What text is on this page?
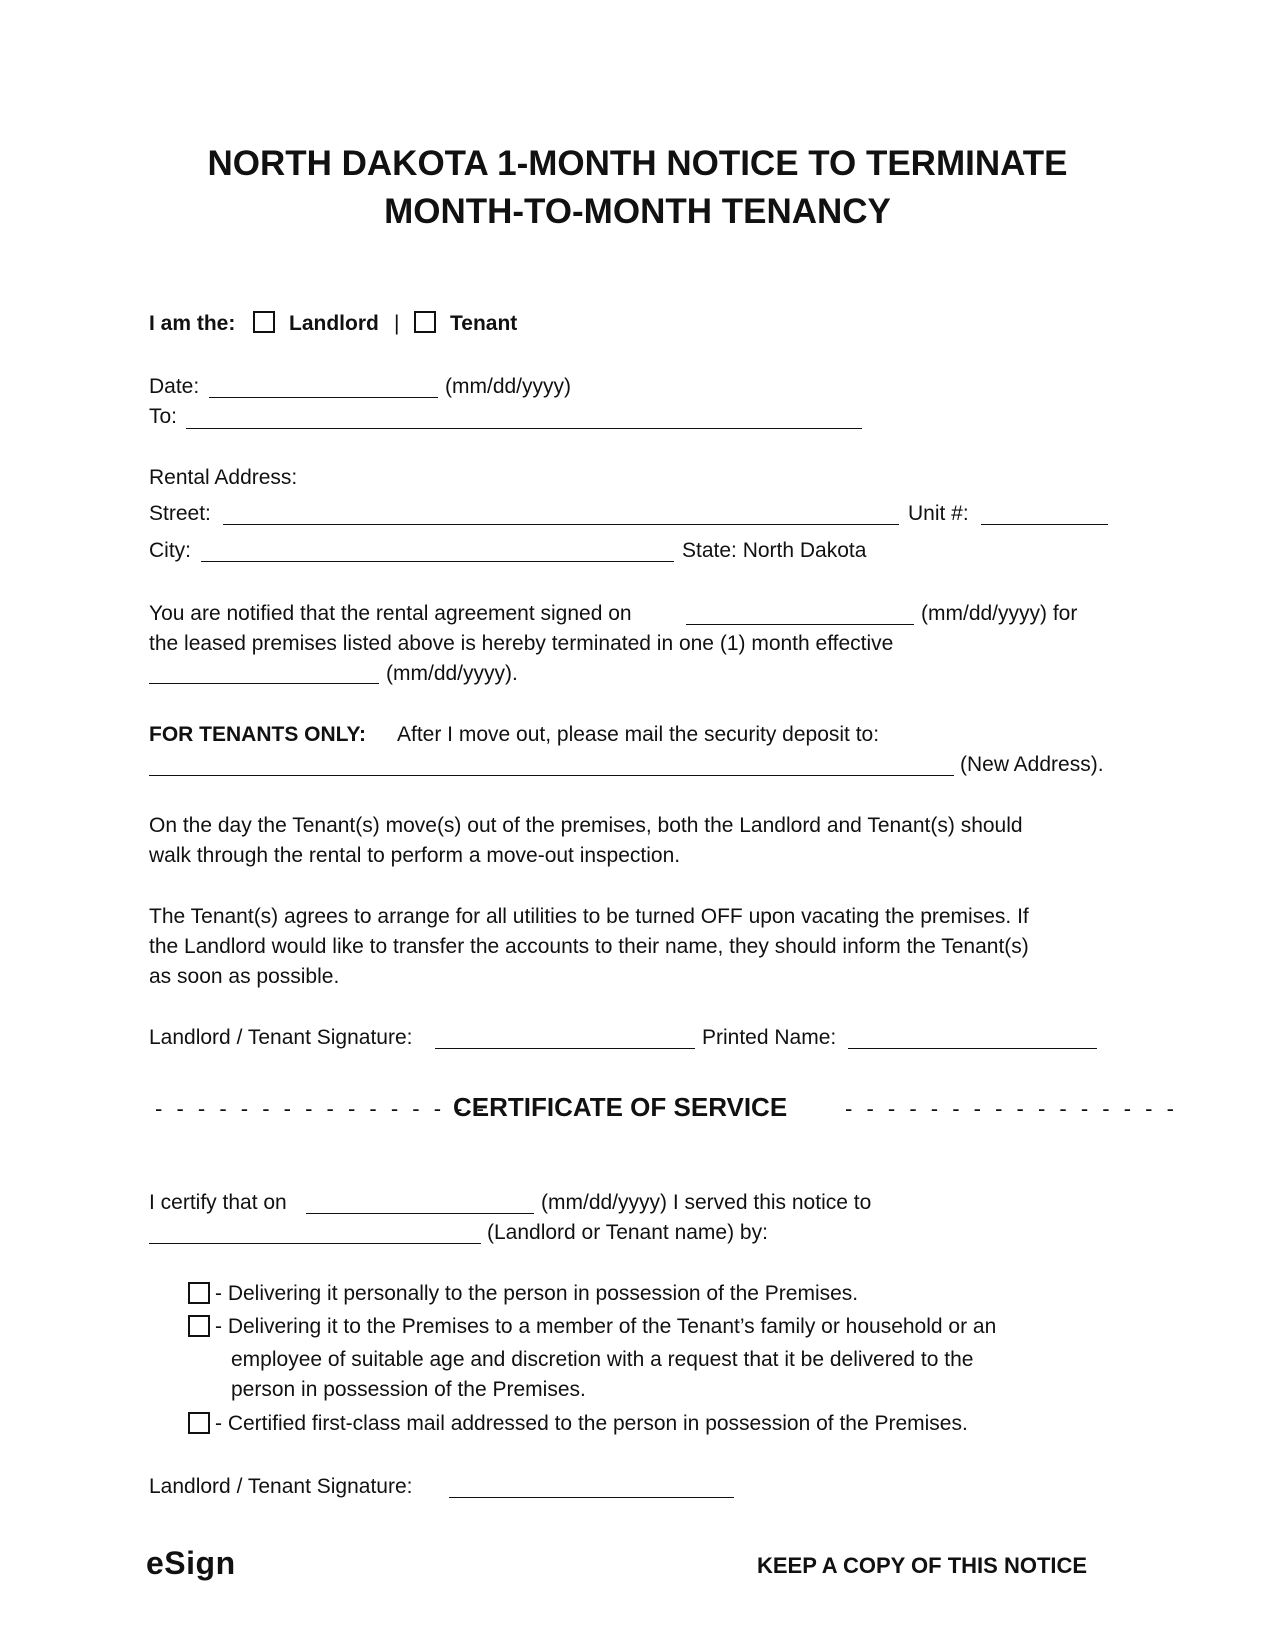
NORTH DAKOTA 1-MONTH NOTICE TO TERMINATE
MONTH-TO-MONTH TENANCY
I am the:	Landlord | Tenant
Date:	(mm/dd/yyyy)
To:
Rental Address:
Street:	Unit #:
City:	State: North Dakota
You are notified that the rental agreement signed on	(mm/dd/yyyy) for
the leased premises listed above is hereby terminated in one (1) month effective
(mm/dd/yyyy).
FOR TENANTS ONLY: After I move out, please mail the security deposit to:
(New Address).
On the day the Tenant(s) move(s) out of the premises, both the Landlord and Tenant(s) should
walk through the rental to perform a move-out inspection.
The Tenant(s) agrees to arrange for all utilities to be turned OFF upon vacating the premises. If
the Landlord would like to transfer the accounts to their name, they should inform the Tenant(s)
as soon as possible.
Landlord / Tenant Signature:	Printed Name:
- - - - - - - - - - - - - - - -
CERTIFICATE OF SERVICE	- - - - - - - - - - - - - - - -
I certify that on	(mm/dd/yyyy) I served this notice to
(Landlord or Tenant name) by:
- Delivering it personally to the person in possession of the Premises.
- Delivering it to the Premises to a member of the Tenant’s family or household or an
employee of suitable age and discretion with a request that it be delivered to the
person in possession of the Premises.
- Certified first-class mail addressed to the person in possession of the Premises.
Landlord / Tenant Signature:
eSign	KEEP A COPY OF THIS NOTICE
